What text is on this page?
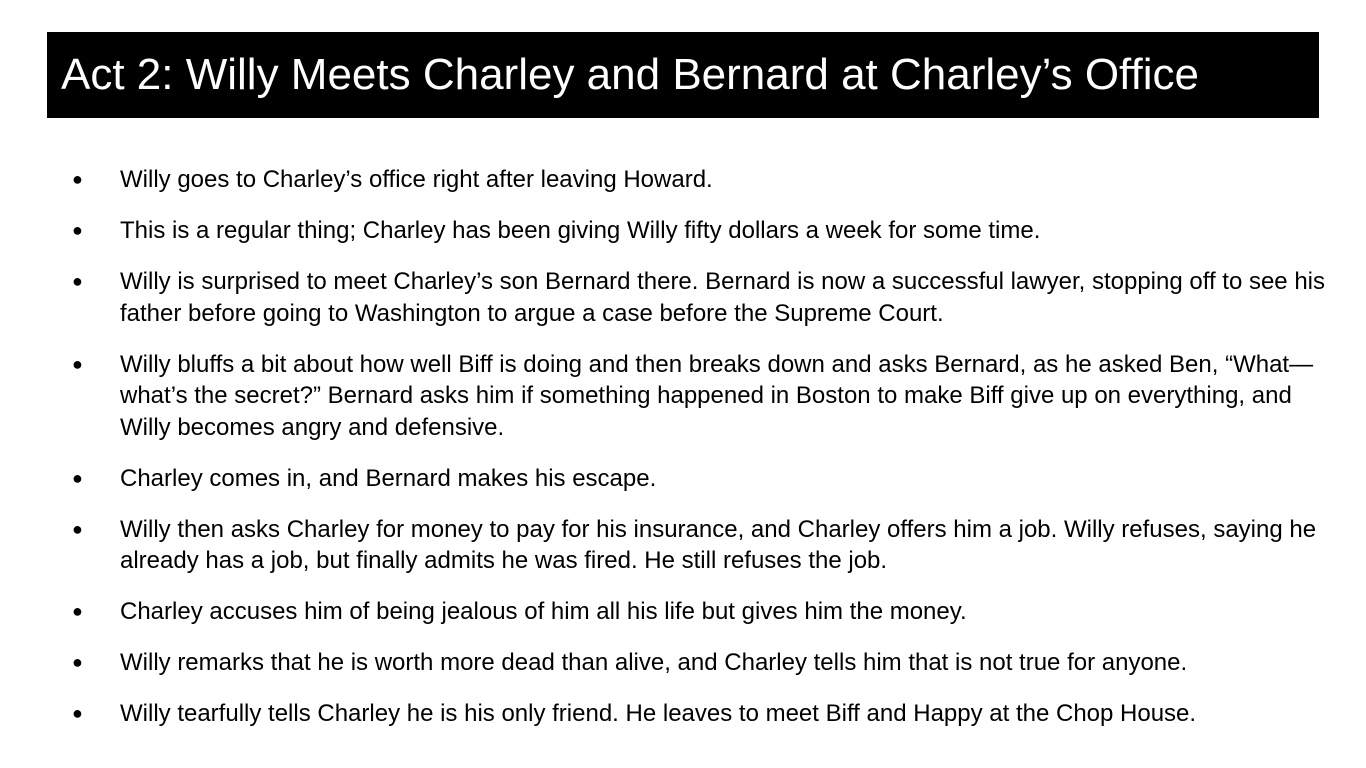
Act 2: Willy Meets Charley and Bernard at Charley’s Office
● Willy goes to Charley’s office right after leaving Howard.
● This is a regular thing; Charley has been giving Willy fifty dollars a week for some time.
● Willy is surprised to meet Charley’s son Bernard there. Bernard is now a successful lawyer, stopping off to see his father before going to Washington to argue a case before the Supreme Court.
● Willy bluffs a bit about how well Biff is doing and then breaks down and asks Bernard, as he asked Ben, “What—what’s the secret?” Bernard asks him if something happened in Boston to make Biff give up on everything, and Willy becomes angry and defensive.
● Charley comes in, and Bernard makes his escape.
● Willy then asks Charley for money to pay for his insurance, and Charley offers him a job. Willy refuses, saying he already has a job, but finally admits he was fired. He still refuses the job.
● Charley accuses him of being jealous of him all his life but gives him the money.
● Willy remarks that he is worth more dead than alive, and Charley tells him that is not true for anyone.
● Willy tearfully tells Charley he is his only friend. He leaves to meet Biff and Happy at the Chop House.
